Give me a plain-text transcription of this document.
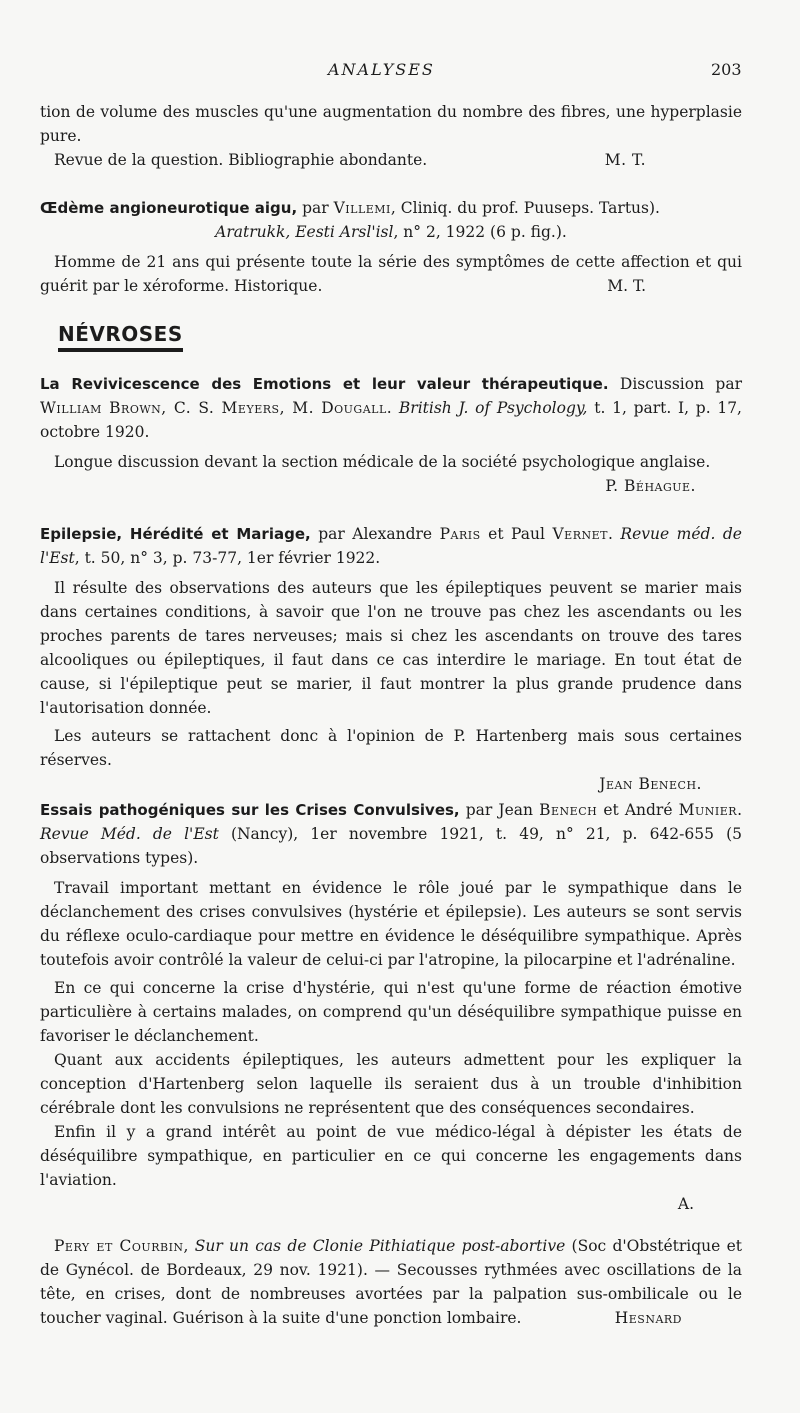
ANALYSES	203
tion de volume des muscles qu'une augmentation du nombre des fibres, une hyperplasie pure.
Revue de la question. Bibliographie abondante.	M. T.
Œdème angioneurotique aigu, par Villemi, Cliniq. du prof. Puuseps. Tartus).
Aratrukk, Eesti Arsl'isl, n° 2, 1922 (6 p. fig.).
Homme de 21 ans qui présente toute la série des symptômes de cette affection et qui guérit par le xéroforme. Historique.	M. T.
NÉVROSES
La Revivicescence des Emotions et leur valeur thérapeutique. Discussion par William Brown, C. S. Meyers, M. Dougall. British J. of Psychology, t. 1, part. I, p. 17, octobre 1920.
Longue discussion devant la section médicale de la société psychologique anglaise.
P. Béhague.
Epilepsie, Hérédité et Mariage, par Alexandre Paris et Paul Vernet. Revue méd. de l'Est, t. 50, n° 3, p. 73-77, 1er février 1922.
Il résulte des observations des auteurs que les épileptiques peuvent se marier mais dans certaines conditions, à savoir que l'on ne trouve pas chez les ascendants ou les proches parents de tares nerveuses; mais si chez les ascendants on trouve des tares alcooliques ou épileptiques, il faut dans ce cas interdire le mariage. En tout état de cause, si l'épileptique peut se marier, il faut montrer la plus grande prudence dans l'autorisation donnée.
Les auteurs se rattachent donc à l'opinion de P. Hartenberg mais sous certaines réserves.
Jean Benech.
Essais pathogéniques sur les Crises Convulsives, par Jean Benech et André Munier. Revue Méd. de l'Est (Nancy), 1er novembre 1921, t. 49, n° 21, p. 642-655 (5 observations types).
Travail important mettant en évidence le rôle joué par le sympathique dans le déclanchement des crises convulsives (hystérie et épilepsie). Les auteurs se sont servis du réflexe oculo-cardiaque pour mettre en évidence le déséquilibre sympathique. Après toutefois avoir contrôlé la valeur de celui-ci par l'atropine, la pilocarpine et l'adrénaline.
En ce qui concerne la crise d'hystérie, qui n'est qu'une forme de réaction émotive particulière à certains malades, on comprend qu'un déséquilibre sympathique puisse en favoriser le déclanchement.
Quant aux accidents épileptiques, les auteurs admettent pour les expliquer la conception d'Hartenberg selon laquelle ils seraient dus à un trouble d'inhibition cérébrale dont les convulsions ne représentent que des conséquences secondaires.
Enfin il y a grand intérêt au point de vue médico-légal à dépister les états de déséquilibre sympathique, en particulier en ce qui concerne les engagements dans l'aviation.
A.
Pery et Courbin, Sur un cas de Clonie Pithiatique post-abortive (Soc d'Obstétrique et de Gynécol. de Bordeaux, 29 nov. 1921). — Secousses rythmées avec oscillations de la tête, en crises, dont de nombreuses avortées par la palpation sus-ombilicale ou le toucher vaginal. Guérison à la suite d'une ponction lombaire.	Hesnard
